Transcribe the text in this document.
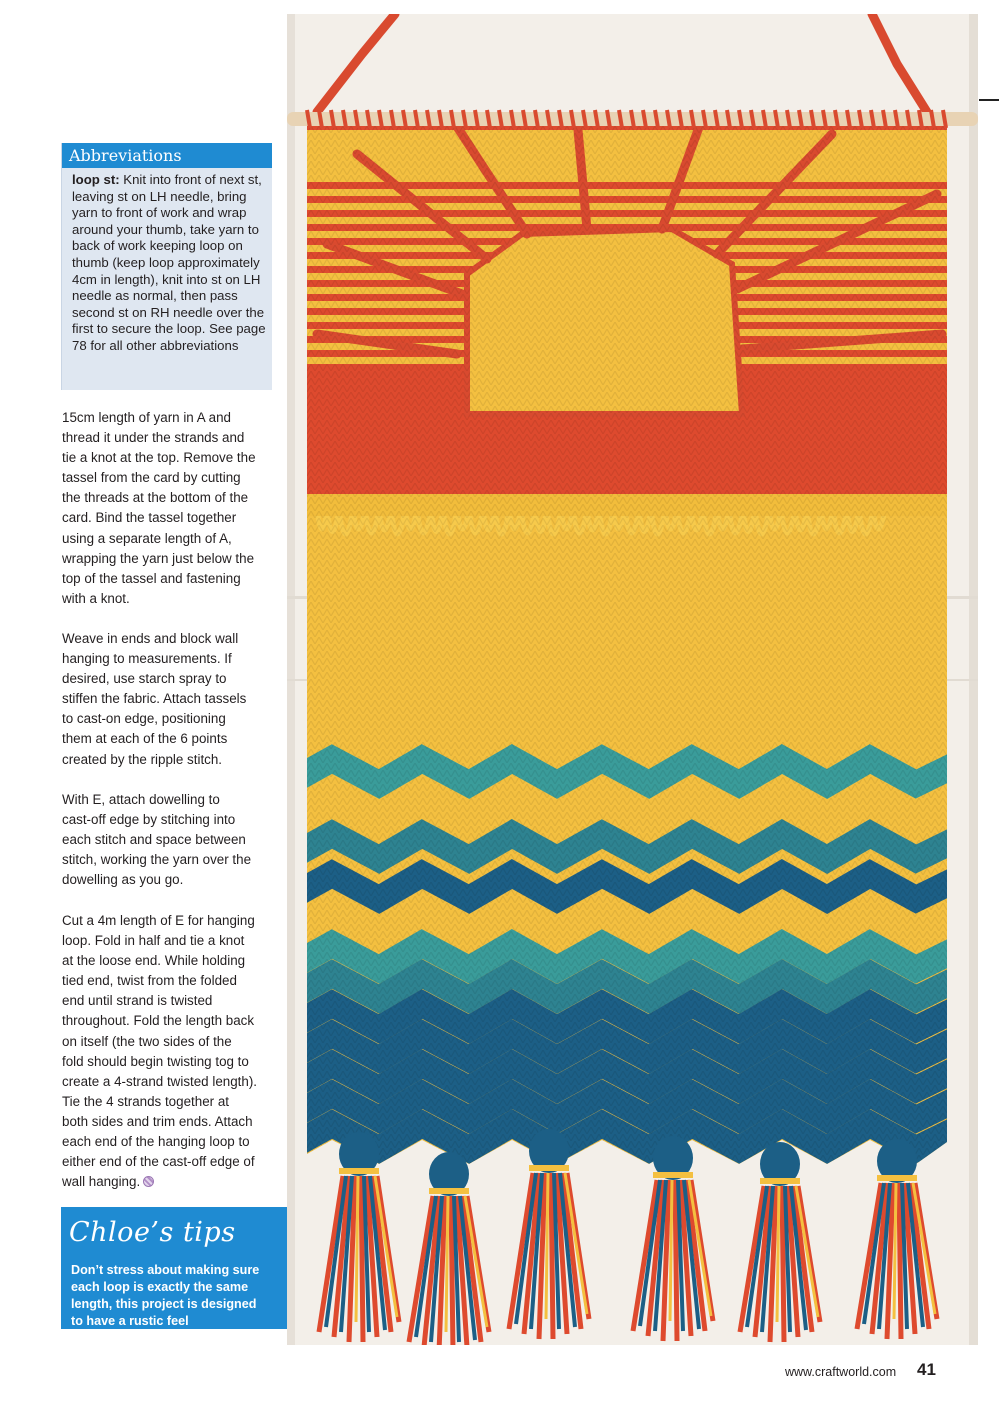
Abbreviations
loop st: Knit into front of next st, leaving st on LH needle, bring yarn to front of work and wrap around your thumb, take yarn to back of work keeping loop on thumb (keep loop approximately 4cm in length), knit into st on LH needle as normal, then pass second st on RH needle over the first to secure the loop. See page 78 for all other abbreviations
15cm length of yarn in A and
thread it under the strands and
tie a knot at the top. Remove the
tassel from the card by cutting
the threads at the bottom of the
card. Bind the tassel together
using a separate length of A,
wrapping the yarn just below the
top of the tassel and fastening
with a knot.
Weave in ends and block wall
hanging to measurements. If
desired, use starch spray to
stiffen the fabric. Attach tassels
to cast-on edge, positioning
them at each of the 6 points
created by the ripple stitch.
With E, attach dowelling to
cast-off edge by stitching into
each stitch and space between
stitch, working the yarn over the
dowelling as you go.
Cut a 4m length of E for hanging
loop. Fold in half and tie a knot
at the loose end. While holding
tied end, twist from the folded
end until strand is twisted
throughout. Fold the length back
on itself (the two sides of the
fold should begin twisting tog to
create a 4-strand twisted length).
Tie the 4 strands together at
both sides and trim ends. Attach
each end of the hanging loop to
either end of the cast-off edge of
wall hanging.
Chloe’s tips
Don’t stress about making sure
each loop is exactly the same
length, this project is designed
to have a rustic feel
www.craftworld.com 41
